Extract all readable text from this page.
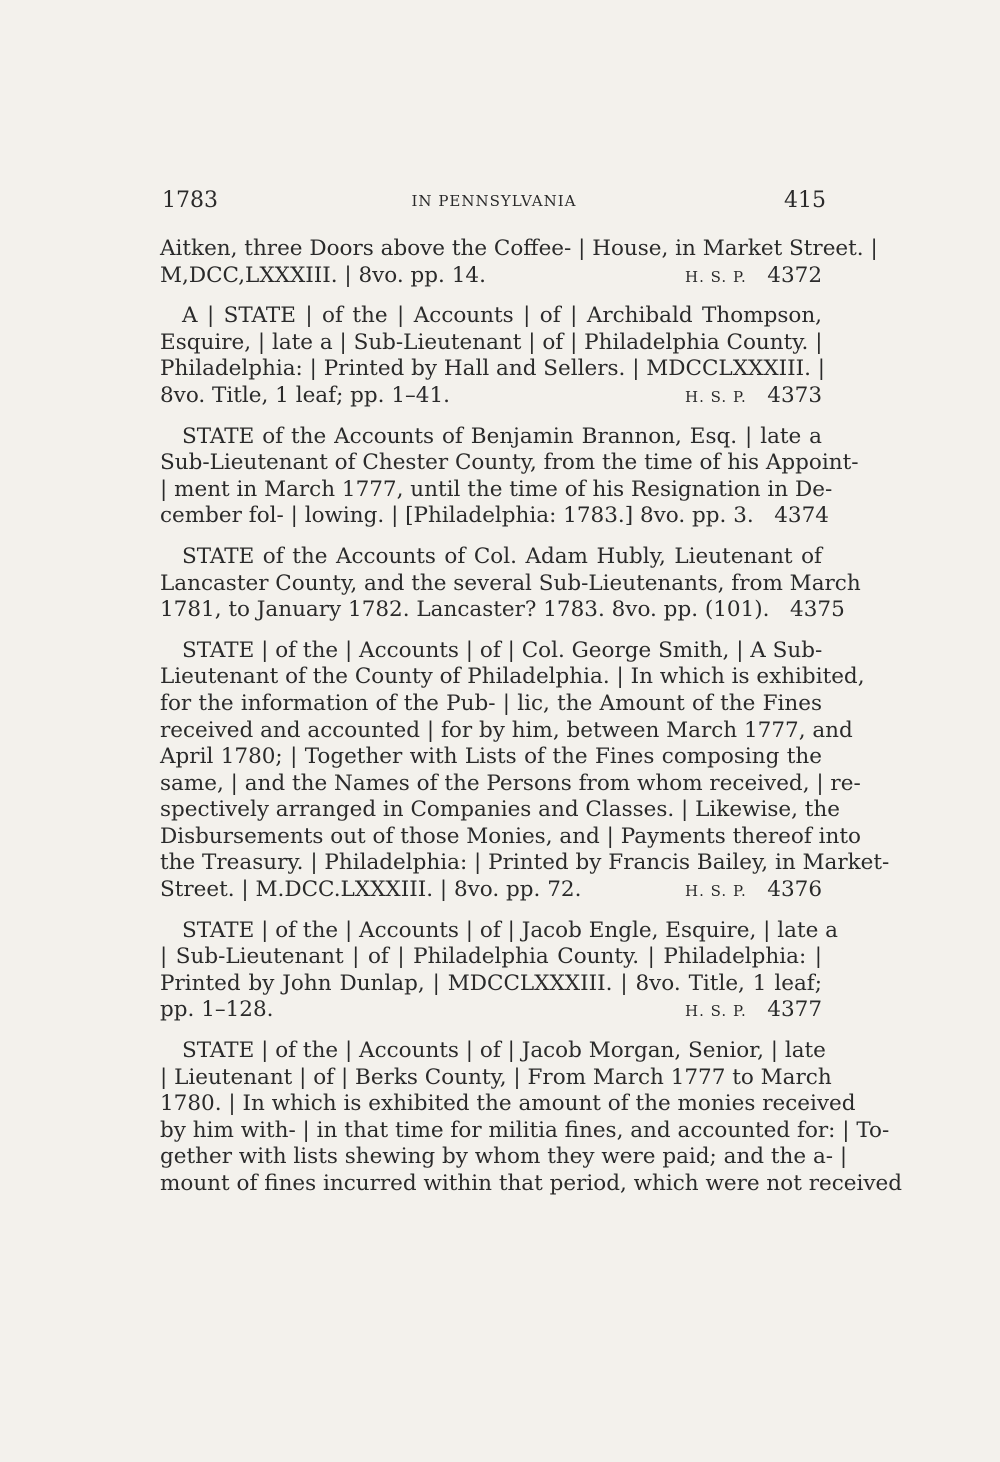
1783	IN PENNSYLVANIA	415
Aitken, three Doors above the Coffee- | House, in Market Street. |
M,DCC,LXXXIII. | 8vo. pp. 14.	H. S. P. 4372
A | STATE | of the | Accounts | of | Archibald Thompson,
Esquire, | late a | Sub-Lieutenant | of | Philadelphia County. |
Philadelphia: | Printed by Hall and Sellers. | MDCCLXXXIII. |
8vo. Title, 1 leaf; pp. 1–41.	H. S. P. 4373
STATE of the Accounts of Benjamin Brannon, Esq. | late a
Sub-Lieutenant of Chester County, from the time of his Appoint-
| ment in March 1777, until the time of his Resignation in De-
cember fol- | lowing. | [Philadelphia: 1783.] 8vo. pp. 3. 4374
STATE of the Accounts of Col. Adam Hubly, Lieutenant of
Lancaster County, and the several Sub-Lieutenants, from March
1781, to January 1782. Lancaster? 1783. 8vo. pp. (101). 4375
STATE | of the | Accounts | of | Col. George Smith, | A Sub-
Lieutenant of the County of Philadelphia. | In which is exhibited,
for the information of the Pub- | lic, the Amount of the Fines
received and accounted | for by him, between March 1777, and
April 1780; | Together with Lists of the Fines composing the
same, | and the Names of the Persons from whom received, | re-
spectively arranged in Companies and Classes. | Likewise, the
Disbursements out of those Monies, and | Payments thereof into
the Treasury. | Philadelphia: | Printed by Francis Bailey, in Market-
Street. | M.DCC.LXXXIII. | 8vo. pp. 72.	H. S. P. 4376
STATE | of the | Accounts | of | Jacob Engle, Esquire, | late a
| Sub-Lieutenant | of | Philadelphia County. | Philadelphia: |
Printed by John Dunlap, | MDCCLXXXIII. | 8vo. Title, 1 leaf;
pp. 1–128.	H. S. P. 4377
STATE | of the | Accounts | of | Jacob Morgan, Senior, | late
| Lieutenant | of | Berks County, | From March 1777 to March
1780. | In which is exhibited the amount of the monies received
by him with- | in that time for militia fines, and accounted for: | To-
gether with lists shewing by whom they were paid; and the a- |
mount of fines incurred within that period, which were not received
